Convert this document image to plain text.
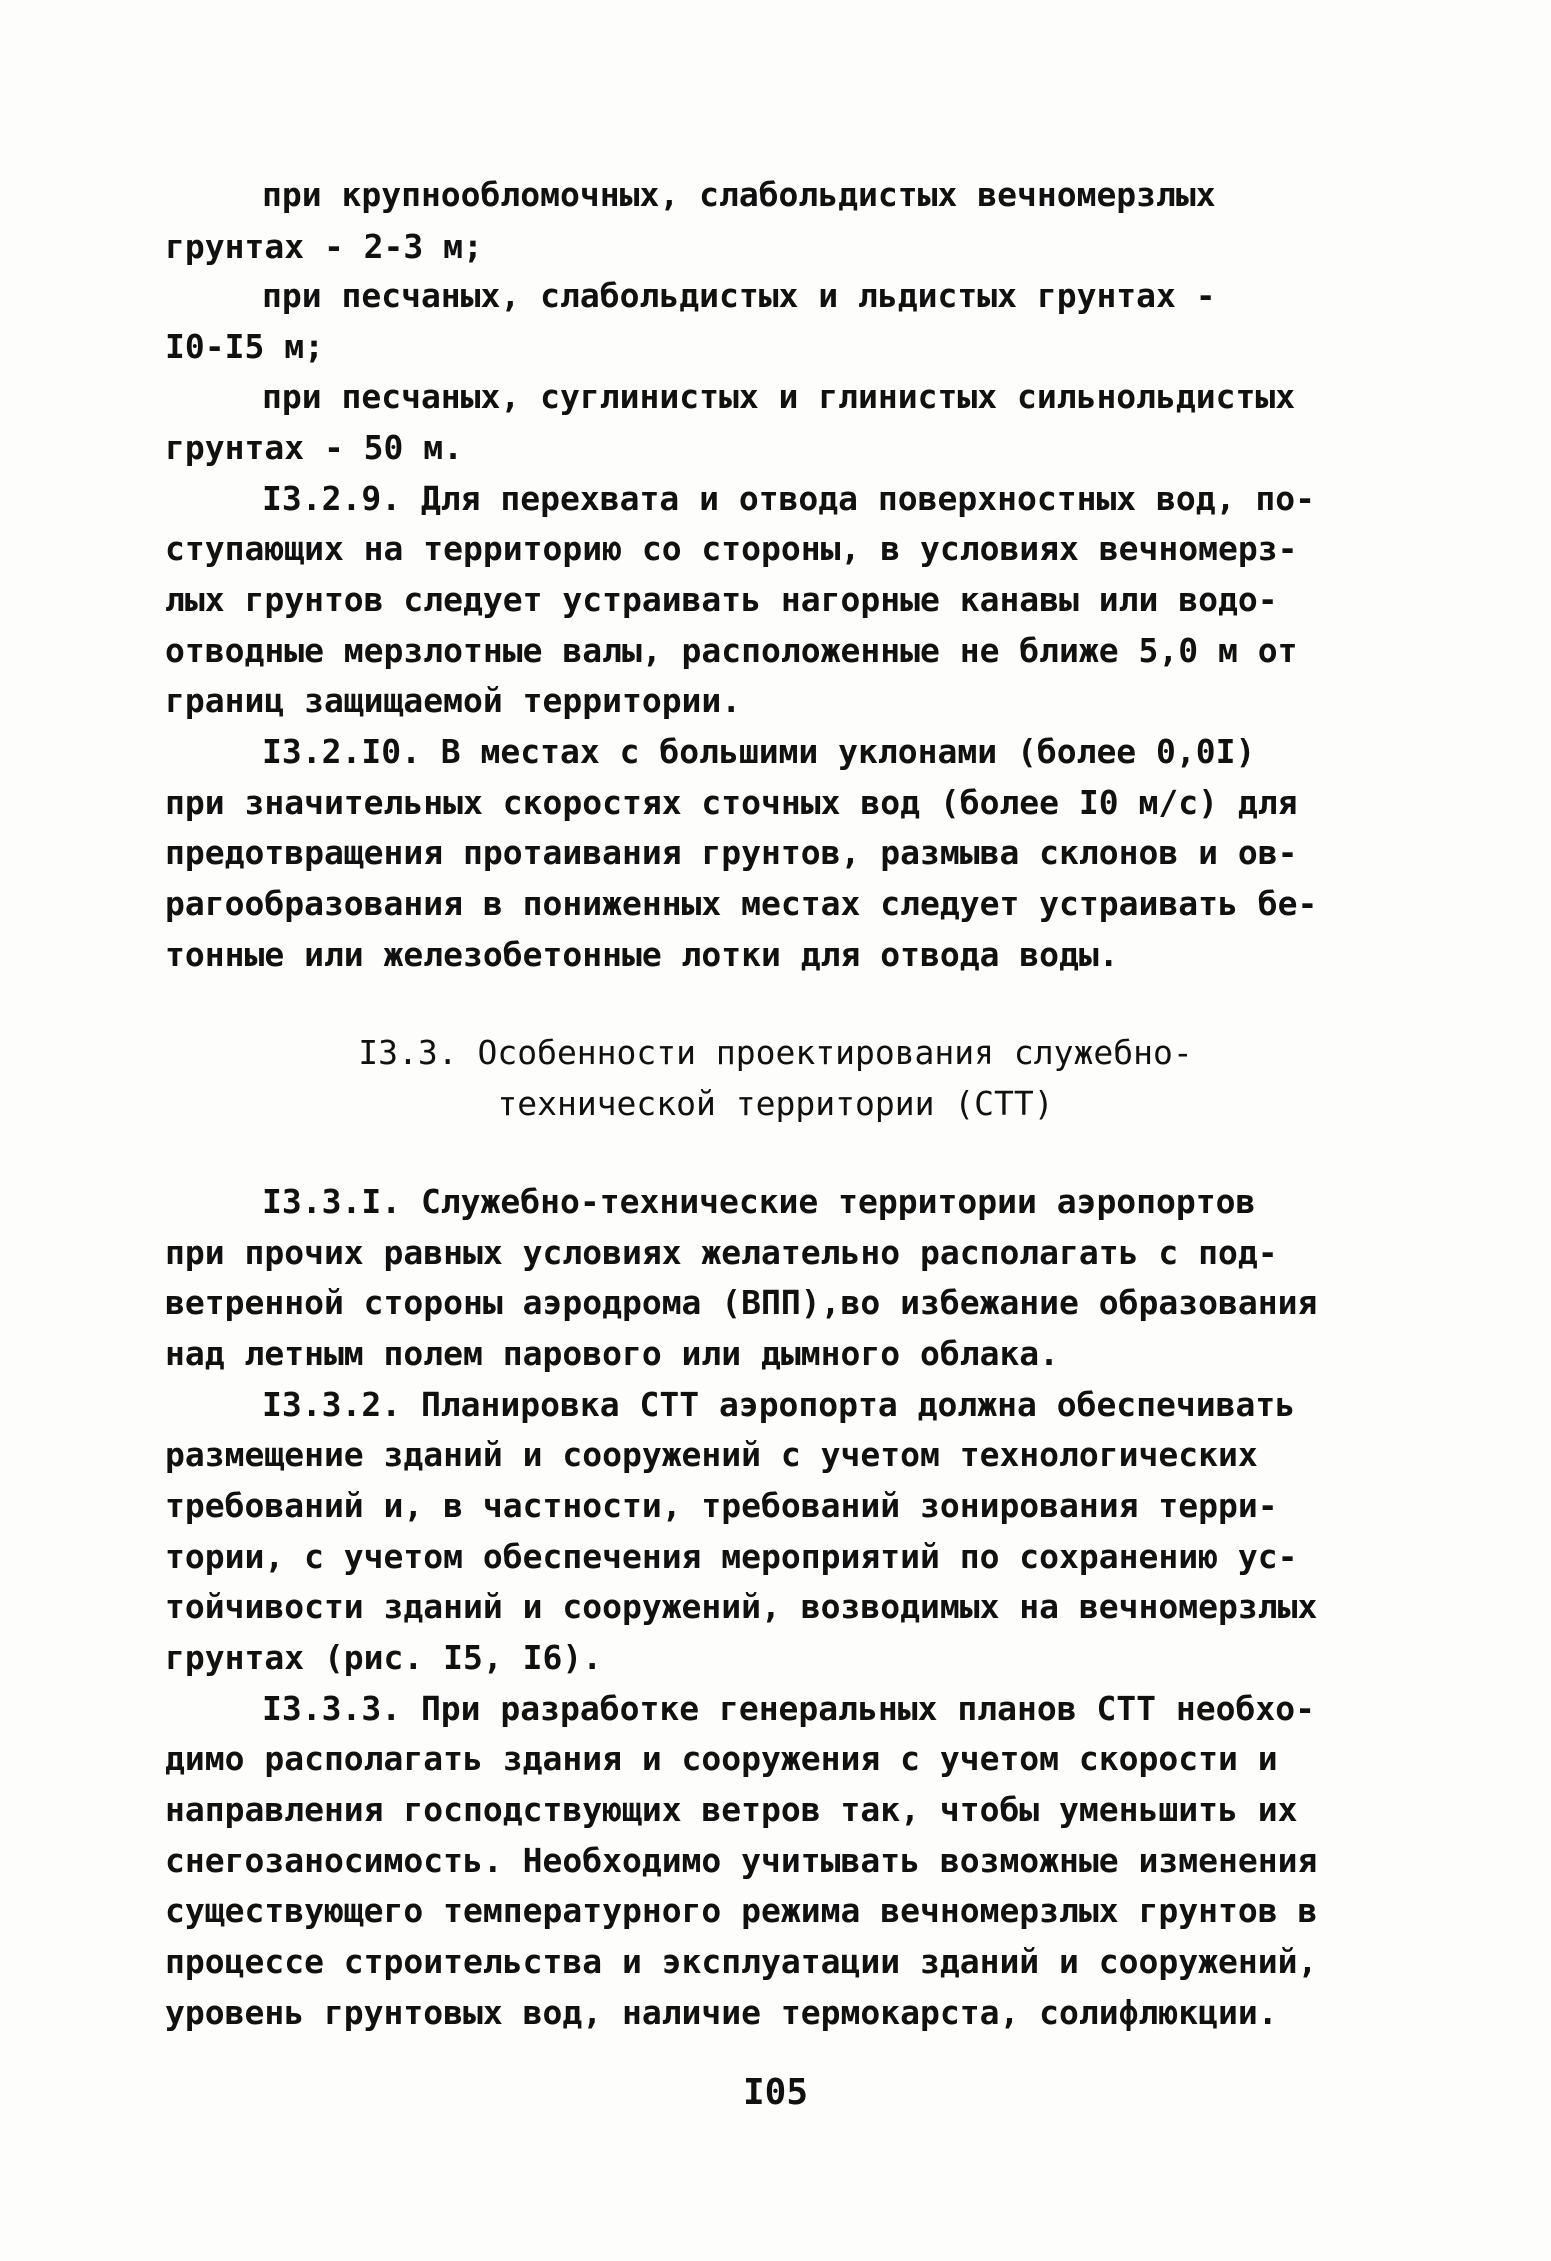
при крупнообломочных, слабольдистых вечномерзлых
грунтах - 2-3 м;
при песчаных, слабольдистых и льдистых грунтах -
I0-I5 м;
при песчаных, суглинистых и глинистых сильнольдистых
грунтах - 50 м.
I3.2.9. Для перехвата и отвода поверхностных вод, по-
ступающих на территорию со стороны, в условиях вечномерз-
лых грунтов следует устраивать нагорные канавы или водо-
отводные мерзлотные валы, расположенные не ближе 5,0 м от
границ защищаемой территории.
I3.2.I0. В местах с большими уклонами (более 0,0I)
при значительных скоростях сточных вод (более I0 м/с) для
предотвращения протаивания грунтов, размыва склонов и ов-
рагообразования в пониженных местах следует устраивать бе-
тонные или железобетонные лотки для отвода воды.
I3.3. Особенности проектирования служебно-
технической территории (СТТ)
I3.3.I. Служебно-технические территории аэропортов
при прочих равных условиях желательно располагать с под-
ветренной стороны аэродрома (ВПП),во избежание образования
над летным полем парового или дымного облака.
I3.3.2. Планировка СТТ аэропорта должна обеспечивать
размещение зданий и сооружений с учетом технологических
требований и, в частности, требований зонирования терри-
тории, с учетом обеспечения мероприятий по сохранению ус-
тойчивости зданий и сооружений, возводимых на вечномерзлых
грунтах (рис. I5, I6).
I3.3.3. При разработке генеральных планов СТТ необхо-
димо располагать здания и сооружения с учетом скорости и
направления господствующих ветров так, чтобы уменьшить их
снегозаносимость. Необходимо учитывать возможные изменения
существующего температурного режима вечномерзлых грунтов в
процессе строительства и эксплуатации зданий и сооружений,
уровень грунтовых вод, наличие термокарста, солифлюкции.
I05
